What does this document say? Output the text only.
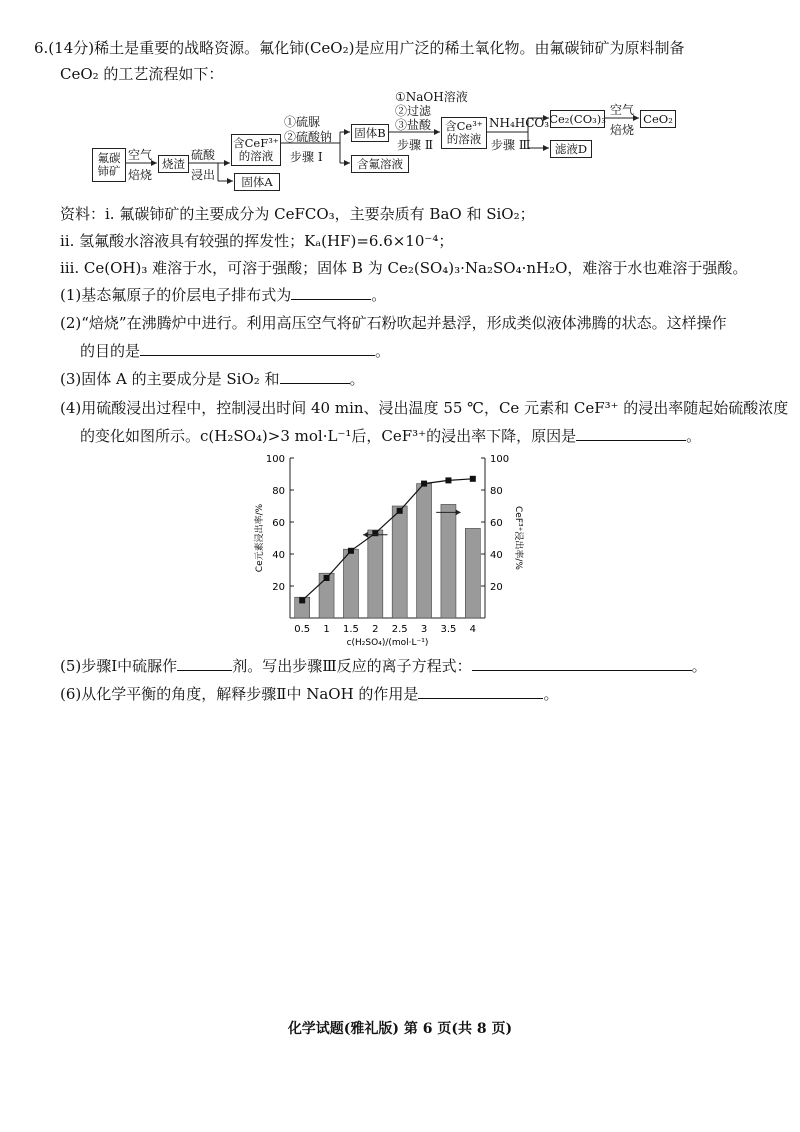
6.(14分)稀土是重要的战略资源。氟化铈(CeO₂)是应用广泛的稀土氧化物。由氟碳铈矿为原料制备
CeO₂ 的工艺流程如下：
氟碳铈矿
空气
焙烧
烧渣
硫酸
浸出
含CeF³⁺的溶液
固体A
①硫脲
②硫酸钠
步骤 Ⅰ
固体B
含氟溶液
①NaOH溶液
②过滤
③盐酸
步骤 Ⅱ
含Ce³⁺的溶液
NH₄HCO₃
步骤 Ⅲ
Ce₂(CO₃)₃
滤液D
空气
焙烧
CeO₂
资料：ⅰ. 氟碳铈矿的主要成分为 CeFCO₃，主要杂质有 BaO 和 SiO₂；
ⅱ. 氢氟酸水溶液具有较强的挥发性；Kₐ(HF)=6.6×10⁻⁴；
ⅲ. Ce(OH)₃ 难溶于水，可溶于强酸；固体 B 为 Ce₂(SO₄)₃·Na₂SO₄·nH₂O，难溶于水也难溶于强酸。
(1)基态氟原子的价层电子排布式为	。
(2)“焙烧”在沸腾炉中进行。利用高压空气将矿石粉吹起并悬浮，形成类似液体沸腾的状态。这样操作
的目的是	。
(3)固体 A 的主要成分是 SiO₂ 和	。
(4)用硫酸浸出过程中，控制浸出时间 40 min、浸出温度 55 ℃，Ce 元素和 CeF³⁺ 的浸出率随起始硫酸浓度
的变化如图所示。c(H₂SO₄)>3 mol·L⁻¹后，CeF³⁺的浸出率下降，原因是	。
20
40
60
80
100
20
40
60
80
100
0.5 1 1.5 2 2.5 3 3.5 4
c(H₂SO₄)/(mol·L⁻¹)
Ce元素浸出率/%	CeF³⁺浸出率/%
(5)步骤Ⅰ中硫脲作	剂。写出步骤Ⅲ反应的离子方程式：	。
(6)从化学平衡的角度，解释步骤Ⅱ中 NaOH 的作用是	。
化学试题(雅礼版) 第 6 页(共 8 页)
